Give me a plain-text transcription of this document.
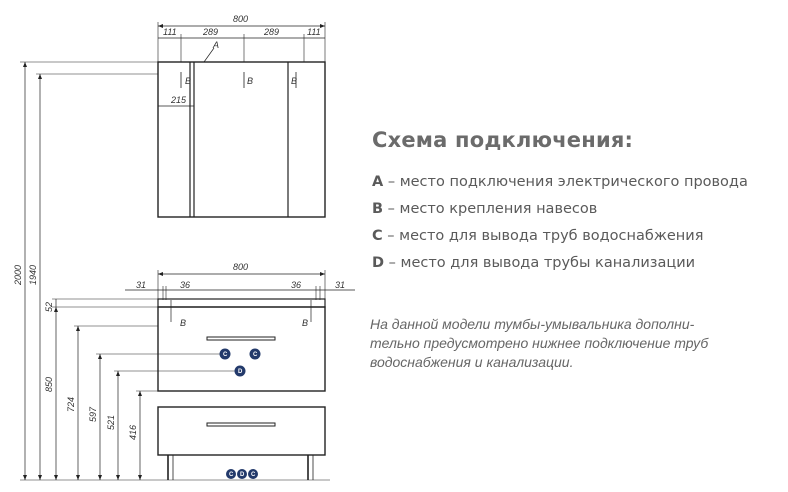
800
111	289	289	111
A
215
B	B	B
800
31	36	36	31
B	B
C	C
D
C D C
2000 1940
52
850
724
597
521
416
Схема подключения:
A – место подключения электрического провода
B – место крепления навесов
C – место для вывода труб водоснабжения
D – место для вывода трубы канализации
На данной модели тумбы-умывальника дополни-
тельно предусмотрено нижнее подключение труб
водоснабжения и канализации.
